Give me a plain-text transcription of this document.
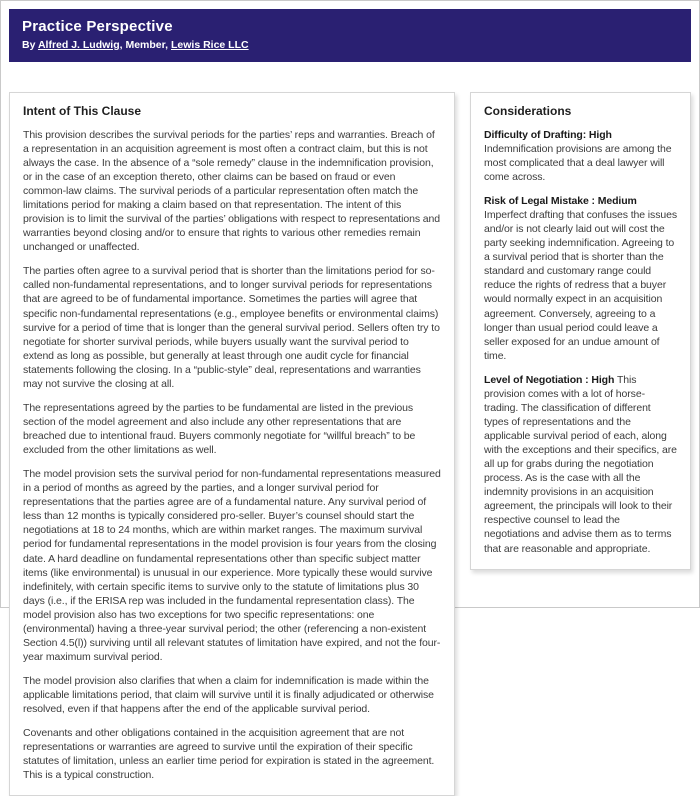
Practice Perspective
By Alfred J. Ludwig, Member, Lewis Rice LLC
Intent of This Clause

This provision describes the survival periods for the parties’ reps and warranties. Breach of a representation in an acquisition agreement is most often a contract claim, but this is not always the case. In the absence of a “sole remedy” clause in the indemnification provision, or in the case of an exception thereto, other claims can be based on fraud or even common-law claims. The survival periods of a particular representation often match the limitations period for making a claim based on that representation. The intent of this provision is to limit the survival of the parties’ obligations with respect to representations and warranties beyond closing and/or to ensure that rights to various other remedies remain unchanged or unaffected.

The parties often agree to a survival period that is shorter than the limitations period for so-called non-fundamental representations, and to longer survival periods for representations that are agreed to be of fundamental importance. Sometimes the parties will agree that specific non-fundamental representations (e.g., employee benefits or environmental claims) survive for a period of time that is longer than the general survival period. Sellers often try to negotiate for shorter survival periods, while buyers usually want the survival period to extend as long as possible, but generally at least through one audit cycle for financial statements following the closing. In a “public-style” deal, representations and warranties may not survive the closing at all.

The representations agreed by the parties to be fundamental are listed in the previous section of the model agreement and also include any other representations that are breached due to intentional fraud. Buyers commonly negotiate for “willful breach” to be excluded from the other limitations as well.

The model provision sets the survival period for non-fundamental representations measured in a period of months as agreed by the parties, and a longer survival period for representations that the parties agree are of a fundamental nature. Any survival period of less than 12 months is typically considered pro-seller. Buyer’s counsel should start the negotiations at 18 to 24 months, which are within market ranges. The maximum survival period for fundamental representations in the model provision is four years from the closing date. A hard deadline on fundamental representations other than specific subject matter items (like environmental) is unusual in our experience. More typically these would survive indefinitely, with certain specific items to survive only to the statute of limitations plus 30 days (i.e., if the ERISA rep was included in the fundamental representation class). The model provision also has two exceptions for two specific representations: one (environmental) having a three-year survival period; the other (referencing a non-existent Section 4.5(l)) surviving until all relevant statutes of limitation have expired, and not the four-year maximum survival period.

The model provision also clarifies that when a claim for indemnification is made within the applicable limitations period, that claim will survive until it is finally adjudicated or otherwise resolved, even if that happens after the end of the applicable survival period.

Covenants and other obligations contained in the acquisition agreement that are not representations or warranties are agreed to survive until the expiration of their specific statutes of limitation, unless an earlier time period for expiration is stated in the agreement. This is a typical construction.

Considerations

Difficulty of Drafting: High Indemnification provisions are among the most complicated that a deal lawyer will come across.

Risk of Legal Mistake : Medium Imperfect drafting that confuses the issues and/or is not clearly laid out will cost the party seeking indemnification. Agreeing to a survival period that is shorter than the standard and customary range could reduce the rights of redress that a buyer would normally expect in an acquisition agreement. Conversely, agreeing to a longer than usual period could leave a seller exposed for an undue amount of time.

Level of Negotiation : High This provision comes with a lot of horse-trading. The classification of different types of representations and the applicable survival period of each, along with the exceptions and their specifics, are all up for grabs during the negotiation process. As is the case with all the indemnity provisions in an acquisition agreement, the principals will look to their respective counsel to lead the negotiations and advise them as to terms that are reasonable and appropriate.
